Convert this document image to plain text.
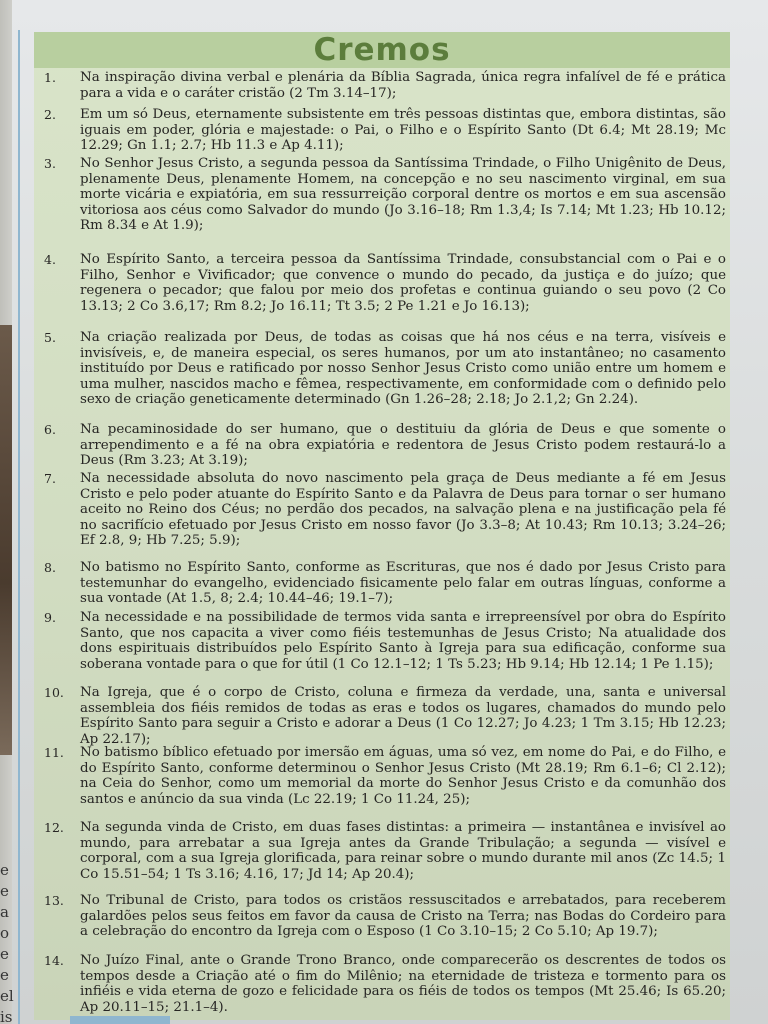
e
e
a
o
e
e
el
is
Cremos
1.	Na inspiração divina verbal e plenária da Bíblia Sagrada, única regra infalível de fé e prática para a vida e o caráter cristão (2 Tm 3.14–17);
2.	Em um só Deus, eternamente subsistente em três pessoas distintas que, embora distintas, são iguais em poder, glória e majestade: o Pai, o Filho e o Espírito Santo (Dt 6.4; Mt 28.19; Mc 12.29; Gn 1.1; 2.7; Hb 11.3 e Ap 4.11);
3.	No Senhor Jesus Cristo, a segunda pessoa da Santíssima Trindade, o Filho Unigênito de Deus, plenamente Deus, plenamente Homem, na concepção e no seu nascimento virginal, em sua morte vicária e expiatória, em sua ressurreição corporal dentre os mortos e em sua ascensão vitoriosa aos céus como Salvador do mundo (Jo 3.16–18; Rm 1.3,4; Is 7.14; Mt 1.23; Hb 10.12; Rm 8.34 e At 1.9);
4.	No Espírito Santo, a terceira pessoa da Santíssima Trindade, consubstancial com o Pai e o Filho, Senhor e Vivificador; que convence o mundo do pecado, da justiça e do juízo; que regenera o pecador; que falou por meio dos profetas e continua guiando o seu povo (2 Co 13.13; 2 Co 3.6,17; Rm 8.2; Jo 16.11; Tt 3.5; 2 Pe 1.21 e Jo 16.13);
5.	Na criação realizada por Deus, de todas as coisas que há nos céus e na terra, visíveis e invisíveis, e, de maneira especial, os seres humanos, por um ato instantâneo; no casamento instituído por Deus e ratificado por nosso Senhor Jesus Cristo como união entre um homem e uma mulher, nascidos macho e fêmea, respectivamente, em conformidade com o definido pelo sexo de criação geneticamente determinado (Gn 1.26–28; 2.18; Jo 2.1,2; Gn 2.24).
6.	Na pecaminosidade do ser humano, que o destituiu da glória de Deus e que somente o arrependimento e a fé na obra expiatória e redentora de Jesus Cristo podem restaurá-lo a Deus (Rm 3.23; At 3.19);
7.	Na necessidade absoluta do novo nascimento pela graça de Deus mediante a fé em Jesus Cristo e pelo poder atuante do Espírito Santo e da Palavra de Deus para tornar o ser humano aceito no Reino dos Céus; no perdão dos pecados, na salvação plena e na justificação pela fé no sacrifício efetuado por Jesus Cristo em nosso favor (Jo 3.3–8; At 10.43; Rm 10.13; 3.24–26; Ef 2.8, 9; Hb 7.25; 5.9);
8.	No batismo no Espírito Santo, conforme as Escrituras, que nos é dado por Jesus Cristo para testemunhar do evangelho, evidenciado fisicamente pelo falar em outras línguas, conforme a sua vontade (At 1.5, 8; 2.4; 10.44–46; 19.1–7);
9.	Na necessidade e na possibilidade de termos vida santa e irrepreensível por obra do Espírito Santo, que nos capacita a viver como fiéis testemunhas de Jesus Cristo; Na atualidade dos dons espirituais distribuídos pelo Espírito Santo à Igreja para sua edificação, conforme sua soberana vontade para o que for útil (1 Co 12.1–12; 1 Ts 5.23; Hb 9.14; Hb 12.14; 1 Pe 1.15);
10.	Na Igreja, que é o corpo de Cristo, coluna e firmeza da verdade, una, santa e universal assembleia dos fiéis remidos de todas as eras e todos os lugares, chamados do mundo pelo Espírito Santo para seguir a Cristo e adorar a Deus (1 Co 12.27; Jo 4.23; 1 Tm 3.15; Hb 12.23; Ap 22.17);
11.	No batismo bíblico efetuado por imersão em águas, uma só vez, em nome do Pai, e do Filho, e do Espírito Santo, conforme determinou o Senhor Jesus Cristo (Mt 28.19; Rm 6.1–6; Cl 2.12); na Ceia do Senhor, como um memorial da morte do Senhor Jesus Cristo e da comunhão dos santos e anúncio da sua vinda (Lc 22.19; 1 Co 11.24, 25);
12.	Na segunda vinda de Cristo, em duas fases distintas: a primeira — instantânea e invisível ao mundo, para arrebatar a sua Igreja antes da Grande Tribulação; a segunda — visível e corporal, com a sua Igreja glorificada, para reinar sobre o mundo durante mil anos (Zc 14.5; 1 Co 15.51–54; 1 Ts 3.16; 4.16, 17; Jd 14; Ap 20.4);
13.	No Tribunal de Cristo, para todos os cristãos ressuscitados e arrebatados, para receberem galardões pelos seus feitos em favor da causa de Cristo na Terra; nas Bodas do Cordeiro para a celebração do encontro da Igreja com o Esposo (1 Co 3.10–15; 2 Co 5.10; Ap 19.7);
14.	No Juízo Final, ante o Grande Trono Branco, onde comparecerão os descrentes de todos os tempos desde a Criação até o fim do Milênio; na eternidade de tristeza e tormento para os infiéis e vida eterna de gozo e felicidade para os fiéis de todos os tempos (Mt 25.46; Is 65.20; Ap 20.11–15; 21.1–4).
